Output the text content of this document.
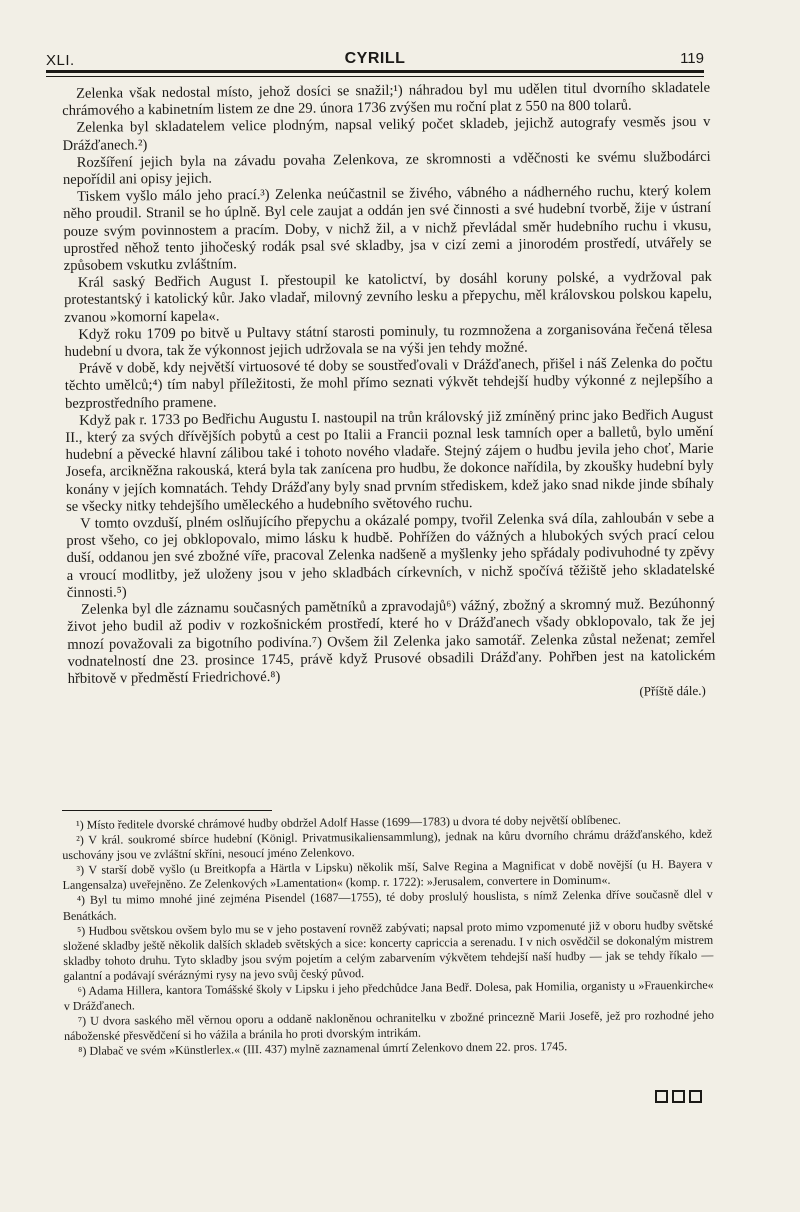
XLI.	CYRILL	119

Zelenka však nedostal místo, jehož dosíci se snažil;¹) náhradou byl mu udělen titul dvorního skladatele chrámového a kabinetním listem ze dne 29. února 1736 zvýšen mu roční plat z 550 na 800 tolarů.

Zelenka byl skladatelem velice plodným, napsal veliký počet skladeb, jejichž autografy vesměs jsou v Drážďanech.²)

Rozšíření jejich byla na závadu povaha Zelenkova, ze skromnosti a vděčnosti ke svému službodárci nepořídil ani opisy jejich.

Tiskem vyšlo málo jeho prací.³) Zelenka neúčastnil se živého, vábného a nádherného ruchu, který kolem něho proudil. Stranil se ho úplně. Byl cele zaujat a oddán jen své činnosti a své hudební tvorbě, žije v ústraní pouze svým povinnostem a pracím. Doby, v nichž žil, a v nichž převládal směr hudebního ruchu i vkusu, uprostřed něhož tento jihočeský rodák psal své skladby, jsa v cizí zemi a jinorodém prostředí, utvářely se způsobem vskutku zvláštním.

Král saský Bedřich August I. přestoupil ke katolictví, by dosáhl koruny polské, a vydržoval pak protestantský i katolický kůr. Jako vladař, milovný zevního lesku a přepychu, měl královskou polskou kapelu, zvanou »komorní kapela«.

Když roku 1709 po bitvě u Pultavy státní starosti pominuly, tu rozmnožena a zorganisována řečená tělesa hudební u dvora, tak že výkonnost jejich udržovala se na výši jen tehdy možné.

Právě v době, kdy největší virtuosové té doby se soustřeďovali v Drážďanech, přišel i náš Zelenka do počtu těchto umělců;⁴) tím nabyl příležitosti, že mohl přímo seznati výkvět tehdejší hudby výkonné z nejlepšího a bezprostředního pramene.

Když pak r. 1733 po Bedřichu Augustu I. nastoupil na trůn královský již zmíněný princ jako Bedřich August II., který za svých dřívějších pobytů a cest po Italii a Francii poznal lesk tamních oper a balletů, bylo umění hudební a pěvecké hlavní zálibou také i tohoto nového vladaře. Stejný zájem o hudbu jevila jeho choť, Marie Josefa, arcikněžna rakouská, která byla tak zanícena pro hudbu, že dokonce nařídila, by zkoušky hudební byly konány v jejích komnatách. Tehdy Drážďany byly snad prvním střediskem, kdež jako snad nikde jinde sbíhaly se všecky nitky tehdejšího uměleckého a hudebního světového ruchu.

V tomto ovzduší, plném oslňujícího přepychu a okázalé pompy, tvořil Zelenka svá díla, zahloubán v sebe a prost všeho, co jej obklopovalo, mimo lásku k hudbě. Pohřížen do vážných a hlubokých svých prací celou duší, oddanou jen své zbožné víře, pracoval Zelenka nadšeně a myšlenky jeho spřádaly podivuhodné ty zpěvy a vroucí modlitby, jež uloženy jsou v jeho skladbách církevních, v nichž spočívá těžiště jeho skladatelské činnosti.⁵)

Zelenka byl dle záznamu současných pamětníků a zpravodajů⁶) vážný, zbožný a skromný muž. Bezúhonný život jeho budil až podiv v rozkošnickém prostředí, které ho v Drážďanech všady obklopovalo, tak že jej mnozí považovali za bigotního podivína.⁷) Ovšem žil Zelenka jako samotář. Zelenka zůstal neženat; zemřel vodnatelností dne 23. prosince 1745, právě když Prusové obsadili Drážďany. Pohřben jest na katolickém hřbitově v předměstí Friedrichové.⁸)

(Příště dále.)

¹) Místo ředitele dvorské chrámové hudby obdržel Adolf Hasse (1699—1783) u dvora té doby největší oblíbenec.

²) V král. soukromé sbírce hudební (Königl. Privatmusikaliensammlung), jednak na kůru dvorního chrámu drážďanského, kdež uschovány jsou ve zvláštní skříni, nesoucí jméno Zelenkovo.

³) V starší době vyšlo (u Breitkopfa a Härtla v Lipsku) několik mší, Salve Regina a Magnificat v době novější (u H. Bayera v Langensalza) uveřejněno. Ze Zelenkových »Lamentation« (komp. r. 1722): »Jerusalem, convertere in Dominum«.

⁴) Byl tu mimo mnohé jiné zejména Pisendel (1687—1755), té doby proslulý houslista, s nímž Zelenka dříve současně dlel v Benátkách.

⁵) Hudbou světskou ovšem bylo mu se v jeho postavení rovněž zabývati; napsal proto mimo vzpomenuté již v oboru hudby světské složené skladby ještě několik dalších skladeb světských a sice: koncerty capriccia a serenadu. I v nich osvědčil se dokonalým mistrem skladby tohoto druhu. Tyto skladby jsou svým pojetím a celým zabarvením výkvětem tehdejší naší hudby — jak se tehdy říkalo — galantní a podávají svéráznými rysy na jevo svůj český původ.

⁶) Adama Hillera, kantora Tomášské školy v Lipsku i jeho předchůdce Jana Bedř. Dolesa, pak Homilia, organisty u »Frauenkirche« v Drážďanech.

⁷) U dvora saského měl věrnou oporu a oddaně nakloněnou ochranitelku v zbožné princezně Marii Josefě, jež pro rozhodné jeho náboženské přesvědčení si ho vážila a bránila ho proti dvorským intrikám.

⁸) Dlabač ve svém »Künstlerlex.« (III. 437) mylně zaznamenal úmrtí Zelenkovo dnem 22. pros. 1745.
